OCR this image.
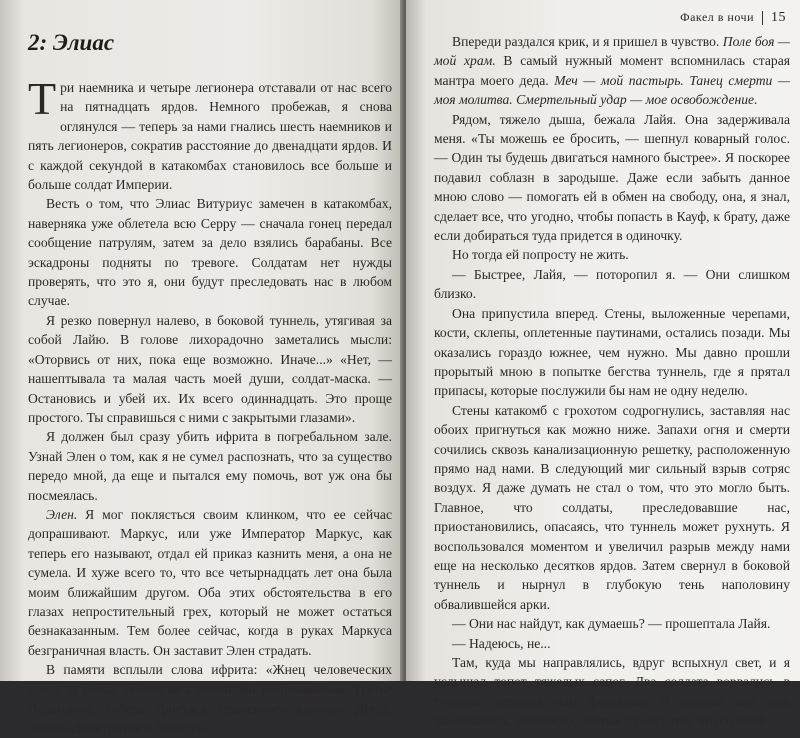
2: Элиас

Три наемника и четыре легионера отставали от нас всего на пятнадцать ярдов. Немного пробежав, я снова оглянулся — теперь за нами гнались шесть наемников и пять легионеров, сократив расстояние до двенадцати ярдов. И с каждой секундой в катакомбах становилось все больше и больше солдат Империи.

Весть о том, что Элиас Витуриус замечен в катакомбах, наверняка уже облетела всю Серру — сначала гонец передал сообщение патрулям, затем за дело взялись барабаны. Все эскадроны подняты по тревоге. Солдатам нет нужды проверять, что это я, они будут преследовать нас в любом случае.

Я резко повернул налево, в боковой туннель, утягивая за собой Лайю. В голове лихорадочно заметались мысли: «Оторвись от них, пока еще возможно. Иначе...» «Нет, — нашептывала та малая часть моей души, солдат-маска. — Остановись и убей их. Их всего одиннадцать. Это проще простого. Ты справишься с ними с закрытыми глазами».

Я должен был сразу убить ифрита в погребальном зале. Узнай Элен о том, как я не сумел распознать, что за существо передо мной, да еще и пытался ему помочь, вот уж она бы посмеялась.

Элен. Я мог поклясться своим клинком, что ее сейчас допрашивают. Маркус, или уже Император Маркус, как теперь его называют, отдал ей приказ казнить меня, а она не сумела. И хуже всего то, что все четырнадцать лет она была моим ближайшим другом. Оба этих обстоятельства в его глазах непростительный грех, который не может остаться безнаказанным. Тем более сейчас, когда в руках Маркуса безграничная власть. Он заставит Элен страдать.

В памяти всплыли слова ифрита: «Жнец человеческих душ». И тотчас потянулись вереницей воспоминания: Третье Испытание, гибель Тристаса, сраженного клинком Декса, смерти Деметриуса и Леандра...

Факел в ночи 15

Впереди раздался крик, и я пришел в чувство. Поле боя — мой храм. В самый нужный момент вспомнилась старая мантра моего деда. Меч — мой пастырь. Танец смерти — моя молитва. Смертельный удар — мое освобождение.

Рядом, тяжело дыша, бежала Лайя. Она задерживала меня. «Ты можешь ее бросить, — шепнул коварный голос. — Один ты будешь двигаться намного быстрее». Я поскорее подавил соблазн в зародыше. Даже если забыть данное мною слово — помогать ей в обмен на свободу, она, я знал, сделает все, что угодно, чтобы попасть в Кауф, к брату, даже если добираться туда придется в одиночку.

Но тогда ей попросту не жить.

— Быстрее, Лайя, — поторопил я. — Они слишком близко.

Она припустила вперед. Стены, выложенные черепами, кости, склепы, оплетенные паутинами, остались позади. Мы оказались гораздо южнее, чем нужно. Мы давно прошли прорытый мною в попытке бегства туннель, где я прятал припасы, которые послужили бы нам не одну неделю.

Стены катакомб с грохотом содрогнулись, заставляя нас обоих пригнуться как можно ниже. Запахи огня и смерти сочились сквозь канализационную решетку, расположенную прямо над нами. В следующий миг сильный взрыв сотряс воздух. Я даже думать не стал о том, что это могло быть. Главное, что солдаты, преследовавшие нас, приостановились, опасаясь, что туннель может рухнуть. Я воспользовался моментом и увеличил разрыв между нами еще на несколько десятков ярдов. Затем свернул в боковой туннель и нырнул в глубокую тень наполовину обвалившейся арки.

— Они нас найдут, как думаешь? — прошептала Лайя.

— Надеюсь, не...

Там, куда мы направлялись, вдруг вспыхнул свет, и я услышал топот тяжелых сапог. Два солдата ворвались в туннель, освещая нам факелами. В первый миг они замешкались, возможно, сбитые с толку тем, что со мной
